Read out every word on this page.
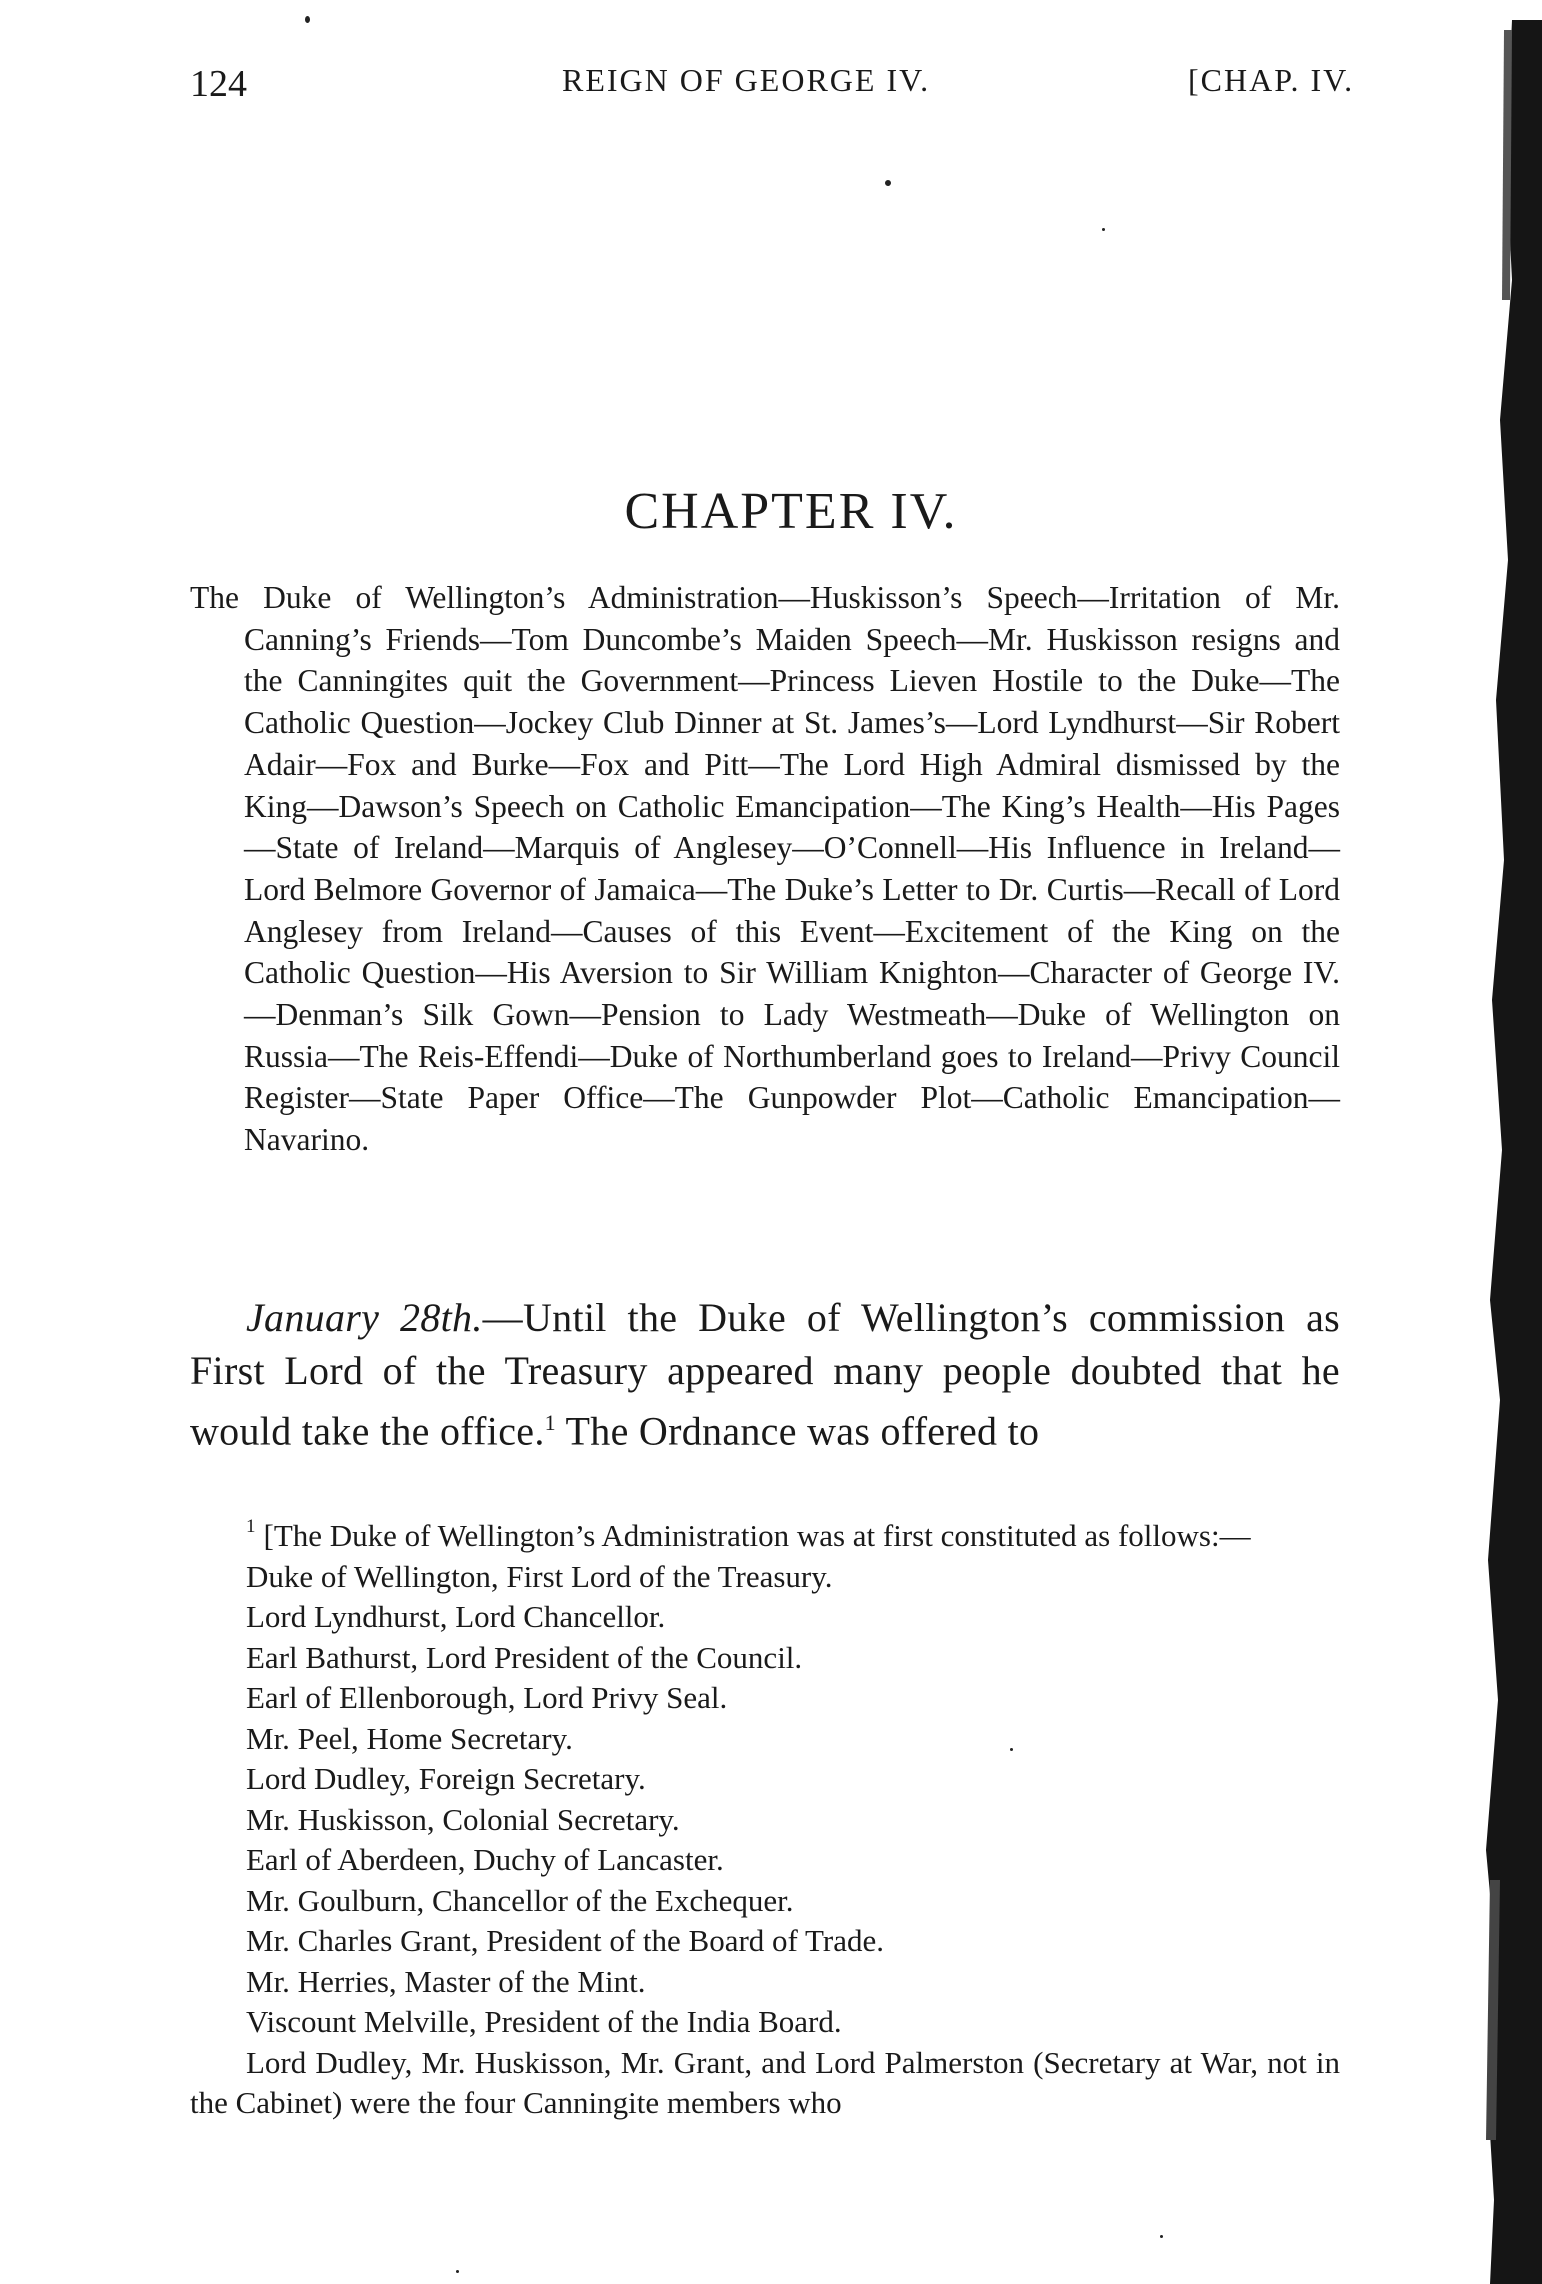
124	REIGN OF GEORGE IV.	[CHAP. IV.
CHAPTER IV.
The Duke of Wellington’s Administration—Huskisson’s Speech—Irritation of Mr. Canning’s Friends—Tom Duncombe’s Maiden Speech—Mr. Huskisson resigns and the Canningites quit the Government—Princess Lieven Hostile to the Duke—The Catholic Question—Jockey Club Dinner at St. James’s—Lord Lyndhurst—Sir Robert Adair—Fox and Burke—Fox and Pitt—The Lord High Admiral dismissed by the King—Dawson’s Speech on Catholic Emancipation—The King’s Health—His Pages—State of Ireland—Marquis of Anglesey—O’Connell—His Influence in Ireland—Lord Belmore Governor of Jamaica—The Duke’s Letter to Dr. Curtis—Recall of Lord Anglesey from Ireland—Causes of this Event—Excitement of the King on the Catholic Question—His Aversion to Sir William Knighton—Character of George IV.—Denman’s Silk Gown—Pension to Lady Westmeath—Duke of Wellington on Russia—The Reis-Effendi—Duke of Northumberland goes to Ireland—Privy Council Register—State Paper Office—The Gunpowder Plot—Catholic Emancipation—Navarino.
January 28th.—Until the Duke of Wellington’s commission as First Lord of the Treasury appeared many people doubted that he would take the office.$^1$ The Ordnance was offered to
$^1$ [The Duke of Wellington’s Administration was at first constituted as follows:—
Duke of Wellington, First Lord of the Treasury.
Lord Lyndhurst, Lord Chancellor.
Earl Bathurst, Lord President of the Council.
Earl of Ellenborough, Lord Privy Seal.
Mr. Peel, Home Secretary.
Lord Dudley, Foreign Secretary.
Mr. Huskisson, Colonial Secretary.
Earl of Aberdeen, Duchy of Lancaster.
Mr. Goulburn, Chancellor of the Exchequer.
Mr. Charles Grant, President of the Board of Trade.
Mr. Herries, Master of the Mint.
Viscount Melville, President of the India Board.
Lord Dudley, Mr. Huskisson, Mr. Grant, and Lord Palmerston (Secretary at War, not in the Cabinet) were the four Canningite members who
